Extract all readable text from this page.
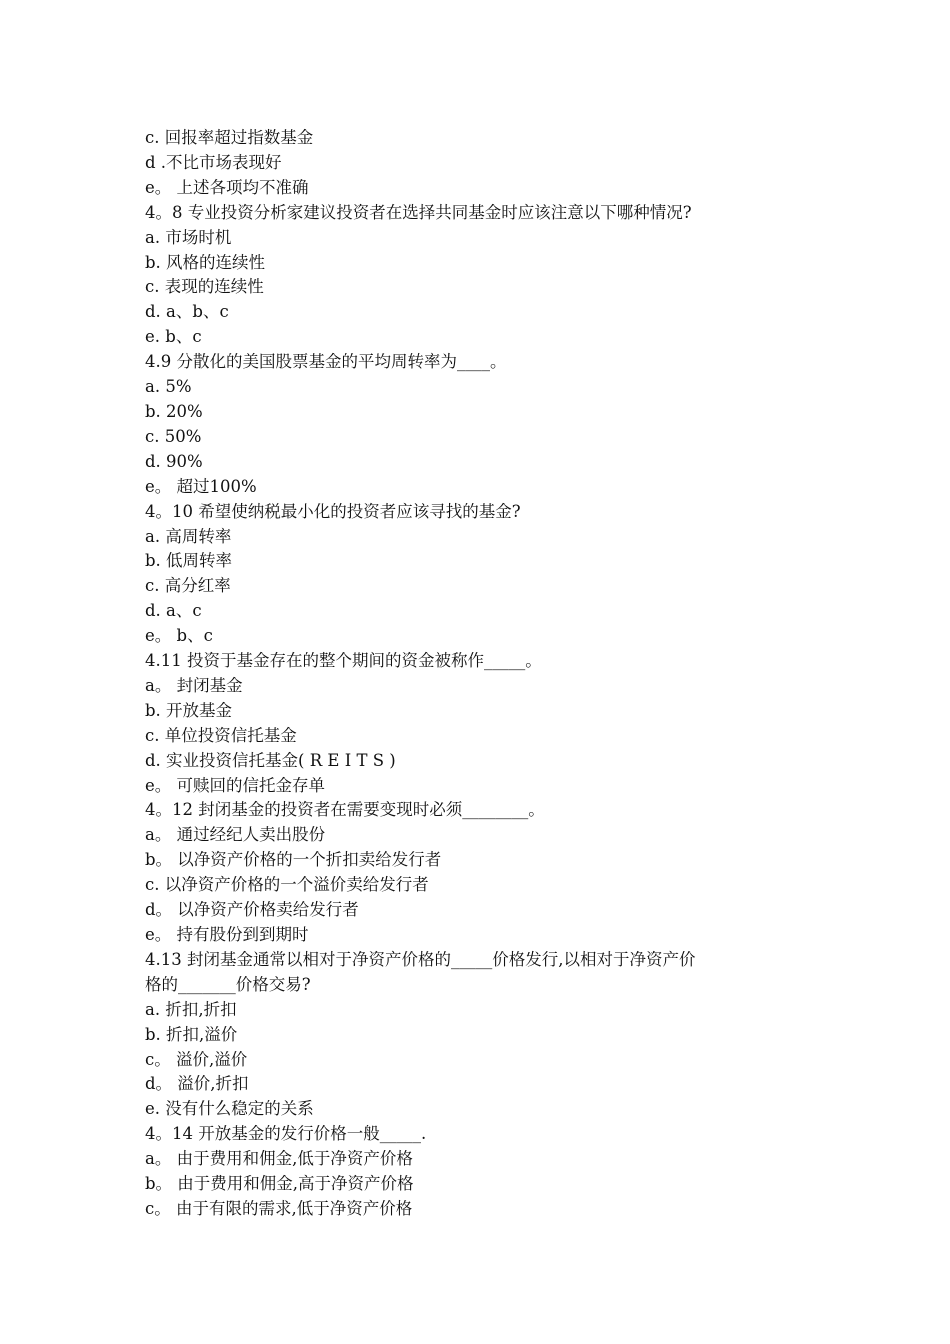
c. 回报率超过指数基金
d .不比市场表现好
e。 上述各项均不准确
4。8 专业投资分析家建议投资者在选择共同基金时应该注意以下哪种情况?
a. 市场时机
b. 风格的连续性
c. 表现的连续性
d. a、b、c
e. b、c
4.9 分散化的美国股票基金的平均周转率为____。
a. 5%
b. 20%
c. 50%
d. 90%
e。 超过100%
4。10 希望使纳税最小化的投资者应该寻找的基金?
a. 高周转率
b. 低周转率
c. 高分红率
d. a、c
e。 b、c
4.11 投资于基金存在的整个期间的资金被称作_____。
a。 封闭基金
b. 开放基金
c. 单位投资信托基金
d. 实业投资信托基金( R E I T S )
e。 可赎回的信托金存单
4。12 封闭基金的投资者在需要变现时必须________。
a。 通过经纪人卖出股份
b。 以净资产价格的一个折扣卖给发行者
c. 以净资产价格的一个溢价卖给发行者
d。 以净资产价格卖给发行者
e。 持有股份到到期时
4.13 封闭基金通常以相对于净资产价格的_____价格发行,以相对于净资产价
格的_______价格交易?
a. 折扣,折扣
b. 折扣,溢价
c。 溢价,溢价
d。 溢价,折扣
e. 没有什么稳定的关系
4。14 开放基金的发行价格一般_____.
a。 由于费用和佣金,低于净资产价格
b。 由于费用和佣金,高于净资产价格
c。 由于有限的需求,低于净资产价格
